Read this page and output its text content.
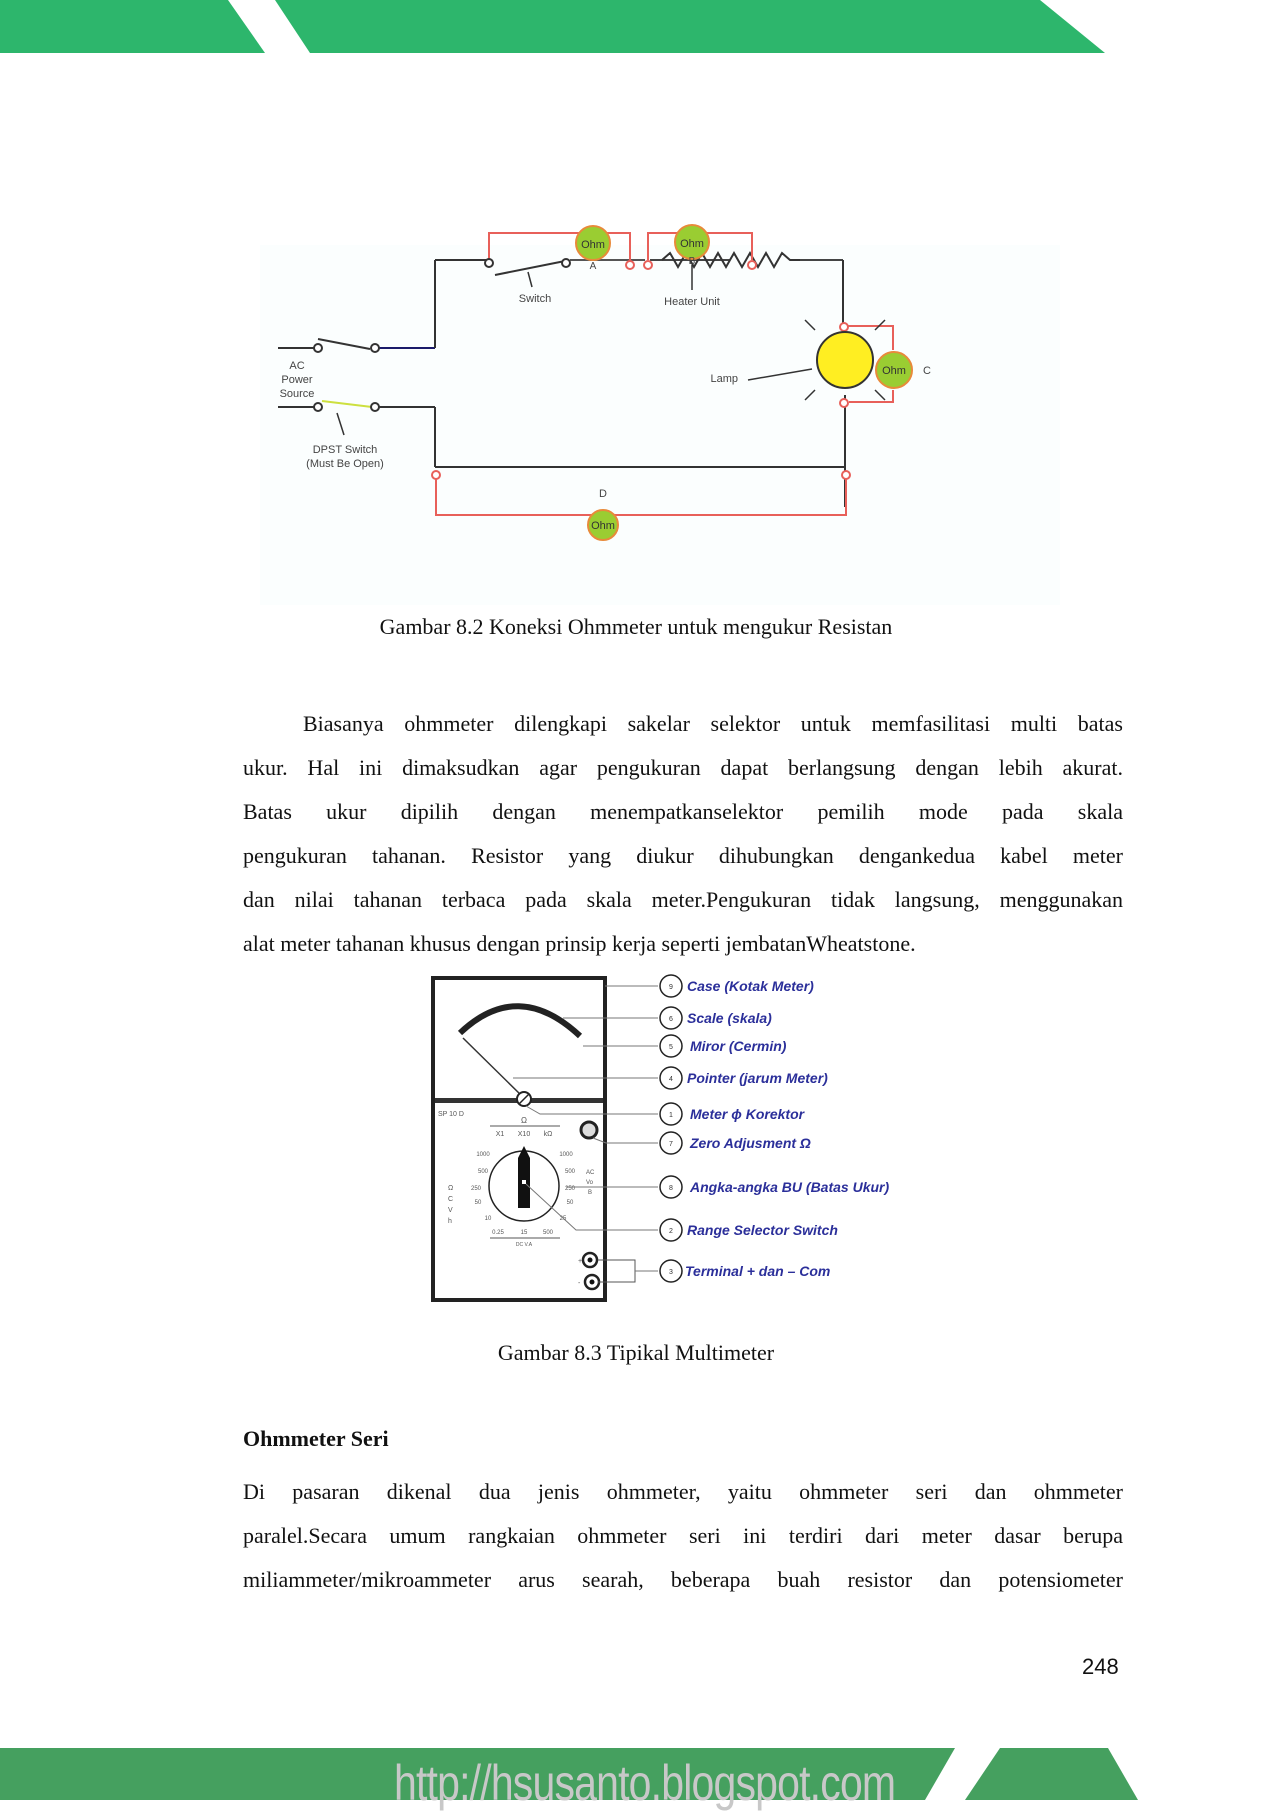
Ohm
A
Ohm
B
Ohm C
Ohm
D
Switch	Heater Unit
Lamp
AC
Power
Source
DPST Switch
(Must Be Open)
Gambar 8.2 Koneksi Ohmmeter untuk mengukur Resistan
Biasanya ohmmeter dilengkapi sakelar selektor untuk memfasilitasi multi batas
ukur. Hal ini dimaksudkan agar pengukuran dapat berlangsung dengan lebih akurat.
Batas ukur dipilih dengan menempatkanselektor pemilih mode pada skala
pengukuran tahanan. Resistor yang diukur dihubungkan dengankedua kabel meter
dan nilai tahanan terbaca pada skala meter.Pengukuran tidak langsung, menggunakan
alat meter tahanan khusus dengan prinsip kerja seperti jembatanWheatstone.
SP 10 D
Ω
X1 X10 kΩ
1000
500
250
50
10
1000
500
250
50
25
Ω
C
V
h
AC
Vo
B
0.25	15	500
DC V.A
+
-
9 Case (Kotak Meter)
6 Scale (skala)
5 Miror (Cermin)
4 Pointer (jarum Meter)
1 Meter ϕ Korektor
7 Zero Adjusment Ω
8 Angka-angka BU (Batas Ukur)
2 Range Selector Switch
3 Terminal + dan – Com
Gambar 8.3 Tipikal Multimeter
Ohmmeter Seri
Di pasaran dikenal dua jenis ohmmeter, yaitu ohmmeter seri dan ohmmeter
paralel.Secara umum rangkaian ohmmeter seri ini terdiri dari meter dasar berupa
miliammeter/mikroammeter arus searah, beberapa buah resistor dan potensiometer
248
http://hsusanto.blogspot.com
